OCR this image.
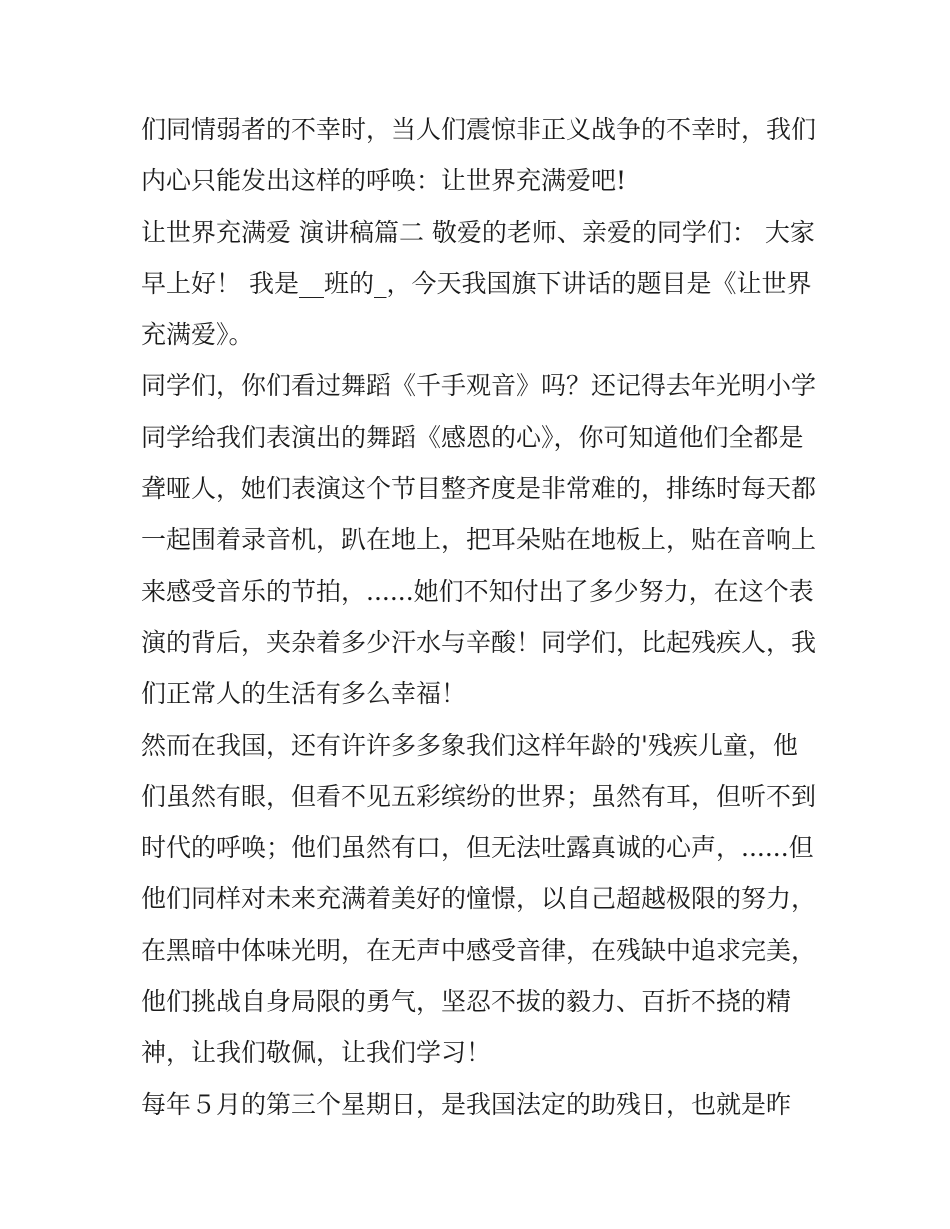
们同情弱者的不幸时，当人们震惊非正义战争的不幸时，我们
内心只能发出这样的呼唤：让世界充满爱吧!
让世界充满爱 演讲稿篇二 敬爱的老师、亲爱的同学们： 大家
早上好！ 我是__班的_，今天我国旗下讲话的题目是《让世界
充满爱》。
同学们，你们看过舞蹈《千手观音》吗？还记得去年光明小学
同学给我们表演出的舞蹈《感恩的心》，你可知道他们全都是
聋哑人，她们表演这个节目整齐度是非常难的，排练时每天都
一起围着录音机，趴在地上，把耳朵贴在地板上，贴在音响上
来感受音乐的节拍，......她们不知付出了多少努力，在这个表
演的背后，夹杂着多少汗水与辛酸！同学们，比起残疾人，我
们正常人的生活有多么幸福！
然而在我国，还有许许多多象我们这样年龄的'残疾儿童，他
们虽然有眼，但看不见五彩缤纷的世界；虽然有耳，但听不到
时代的呼唤；他们虽然有口，但无法吐露真诚的心声，......但
他们同样对未来充满着美好的憧憬，以自己超越极限的努力，
在黑暗中体味光明，在无声中感受音律，在残缺中追求完美，
他们挑战自身局限的勇气，坚忍不拔的毅力、百折不挠的精
神，让我们敬佩，让我们学习！
每年５月的第三个星期日，是我国法定的助残日，也就是昨
